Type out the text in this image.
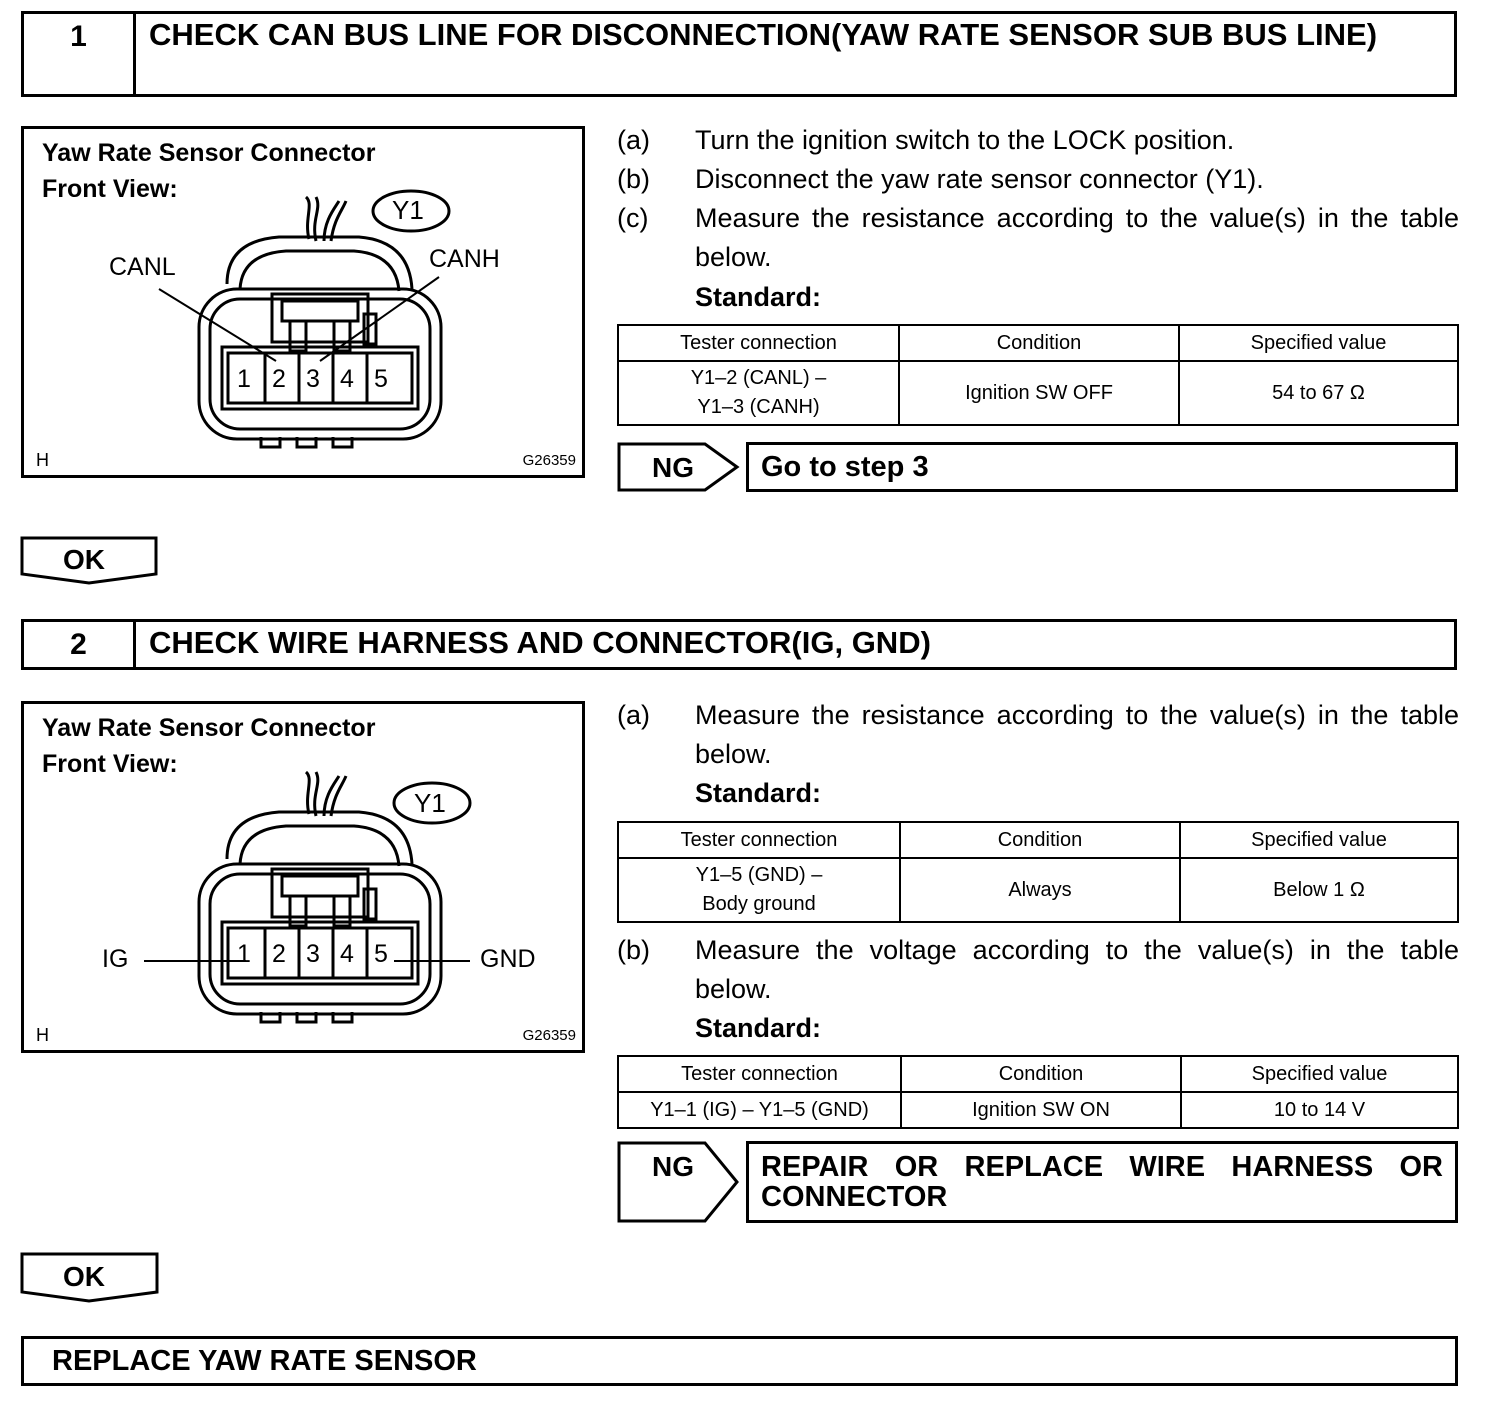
1	CHECK CAN BUS LINE FOR DISCONNECTION(YAW RATE SENSOR SUB BUS LINE)
Yaw Rate Sensor Connector
Front View:
Y1
CANL	CANH
1 2 3 4 5
H	G26359
(a)	Turn the ignition switch to the LOCK position.
(b)	Disconnect the yaw rate sensor connector (Y1).
(c)	Measure the resistance according to the value(s) in the table below.
Standard:
Tester connection	Condition	Specified value

Y1–2 (CANL) –
Y1–3 (CANH)	Ignition SW OFF	54 to 67 Ω
NG	Go to step 3
OK
2	CHECK WIRE HARNESS AND CONNECTOR(IG, GND)
Yaw Rate Sensor Connector
Front View:
Y1
IG	GND
1 2 3 4 5
H	G26359
(a)	Measure the resistance according to the value(s) in the table below.
Standard:
Tester connection	Condition	Specified value

Y1–5 (GND) –
Body ground	Always	Below 1 Ω
(b)	Measure the voltage according to the value(s) in the table below.
Standard:
Tester connection	Condition	Specified value
Y1–1 (IG) – Y1–5 (GND)	Ignition SW ON	10 to 14 V
NG	REPAIR OR REPLACE WIRE HARNESS OR CONNECTOR
OK
REPLACE YAW RATE SENSOR
